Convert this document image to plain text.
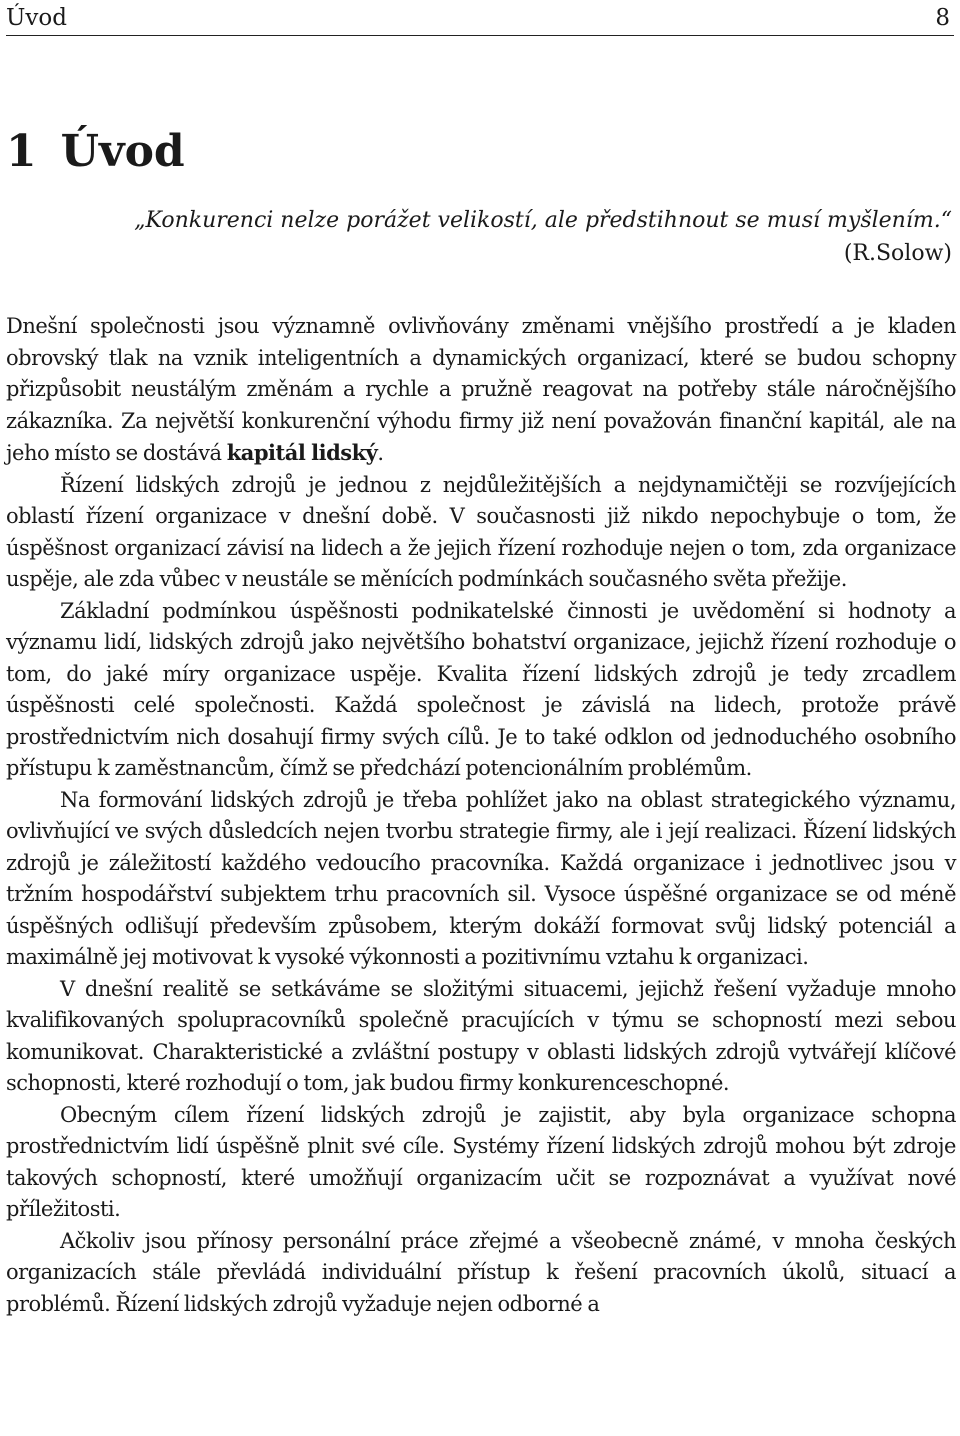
Úvod	8
1 Úvod
„Konkurenci nelze porážet velikostí, ale předstihnout se musí myšlením.“
(R.Solow)

Dnešní společnosti jsou významně ovlivňovány změnami vnějšího prostředí a je kladen obrovský tlak na vznik inteligentních a dynamických organizací, které se budou schopny přizpůsobit neustálým změnám a rychle a pružně reagovat na potřeby stále náročnějšího zákazníka. Za největší konkurenční výhodu firmy již není považován finanční kapitál, ale na jeho místo se dostává kapitál lidský.

Řízení lidských zdrojů je jednou z nejdůležitějších a nejdynamičtěji se rozvíjejících oblastí řízení organizace v dnešní době. V současnosti již nikdo nepochybuje o tom, že úspěšnost organizací závisí na lidech a že jejich řízení rozhoduje nejen o tom, zda organizace uspěje, ale zda vůbec v neustále se měnících podmínkách současného světa přežije.

Základní podmínkou úspěšnosti podnikatelské činnosti je uvědomění si hodnoty a významu lidí, lidských zdrojů jako největšího bohatství organizace, jejichž řízení rozhoduje o tom, do jaké míry organizace uspěje. Kvalita řízení lidských zdrojů je tedy zrcadlem úspěšnosti celé společnosti. Každá společnost je závislá na lidech, protože právě prostřednictvím nich dosahují firmy svých cílů. Je to také odklon od jednoduchého osobního přístupu k zaměstnancům, čímž se předchází potencionálním problémům.

Na formování lidských zdrojů je třeba pohlížet jako na oblast strategického významu, ovlivňující ve svých důsledcích nejen tvorbu strategie firmy, ale i její realizaci. Řízení lidských zdrojů je záležitostí každého vedoucího pracovníka. Každá organizace i jednotlivec jsou v tržním hospodářství subjektem trhu pracovních sil. Vysoce úspěšné organizace se od méně úspěšných odlišují především způsobem, kterým dokáží formovat svůj lidský potenciál a maximálně jej motivovat k vysoké výkonnosti a pozitivnímu vztahu k organizaci.

V dnešní realitě se setkáváme se složitými situacemi, jejichž řešení vyžaduje mnoho kvalifikovaných spolupracovníků společně pracujících v týmu se schopností mezi sebou komunikovat. Charakteristické a zvláštní postupy v oblasti lidských zdrojů vytvářejí klíčové schopnosti, které rozhodují o tom, jak budou firmy konkurenceschopné.

Obecným cílem řízení lidských zdrojů je zajistit, aby byla organizace schopna prostřednictvím lidí úspěšně plnit své cíle. Systémy řízení lidských zdrojů mohou být zdroje takových schopností, které umožňují organizacím učit se rozpoznávat a využívat nové příležitosti.

Ačkoliv jsou přínosy personální práce zřejmé a všeobecně známé, v mnoha českých organizacích stále převládá individuální přístup k řešení pracovních úkolů, situací a problémů. Řízení lidských zdrojů vyžaduje nejen odborné a
